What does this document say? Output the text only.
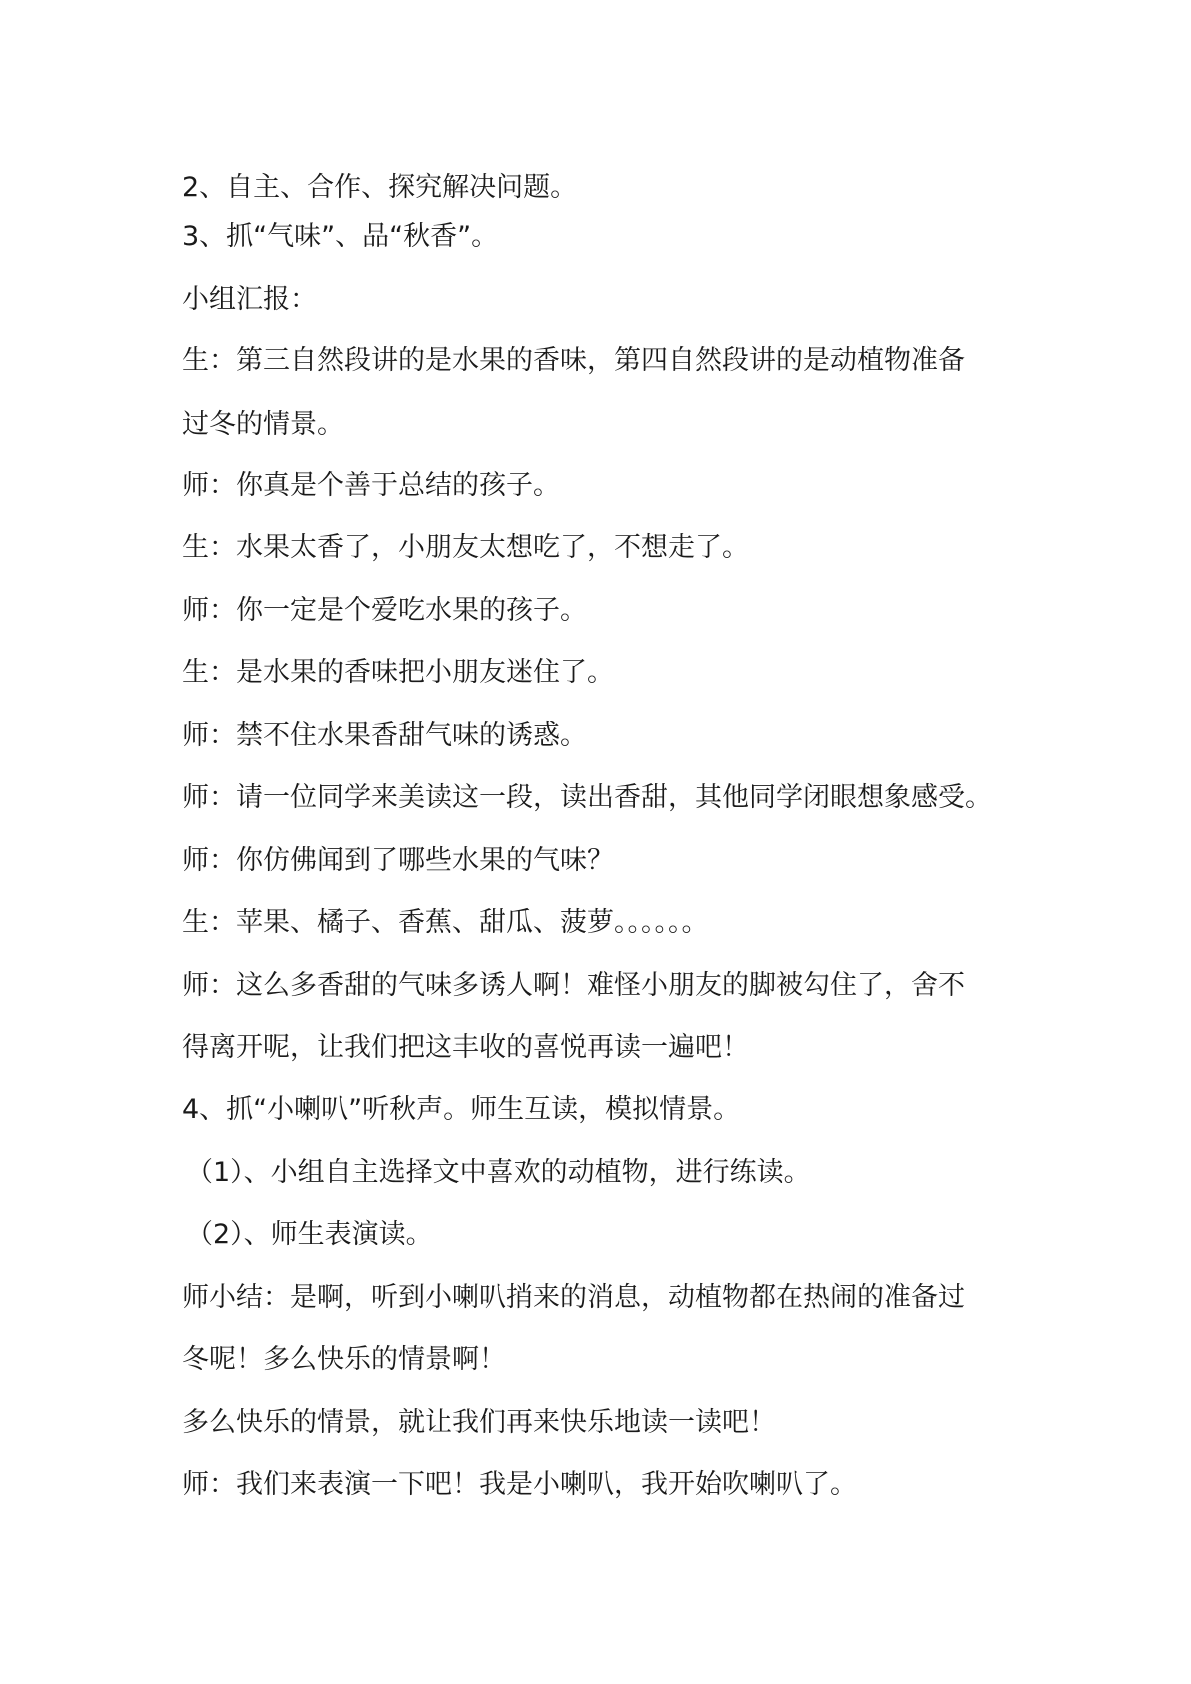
2、自主、合作、探究解决问题。
3、抓“气味”、品“秋香”。
小组汇报：
生：第三自然段讲的是水果的香味，第四自然段讲的是动植物准备
过冬的情景。
师：你真是个善于总结的孩子。
生：水果太香了，小朋友太想吃了，不想走了。
师：你一定是个爱吃水果的孩子。
生：是水果的香味把小朋友迷住了。
师：禁不住水果香甜气味的诱惑。
师：请一位同学来美读这一段，读出香甜，其他同学闭眼想象感受。
师：你仿佛闻到了哪些水果的气味？
生：苹果、橘子、香蕉、甜瓜、菠萝。。。。。。
师：这么多香甜的气味多诱人啊！难怪小朋友的脚被勾住了，舍不
得离开呢，让我们把这丰收的喜悦再读一遍吧！
4、抓“小喇叭”听秋声。师生互读，模拟情景。
（1）、小组自主选择文中喜欢的动植物，进行练读。
（2）、师生表演读。
师小结：是啊，听到小喇叭捎来的消息，动植物都在热闹的准备过
冬呢！多么快乐的情景啊！
多么快乐的情景，就让我们再来快乐地读一读吧！
师：我们来表演一下吧！我是小喇叭，我开始吹喇叭了。
